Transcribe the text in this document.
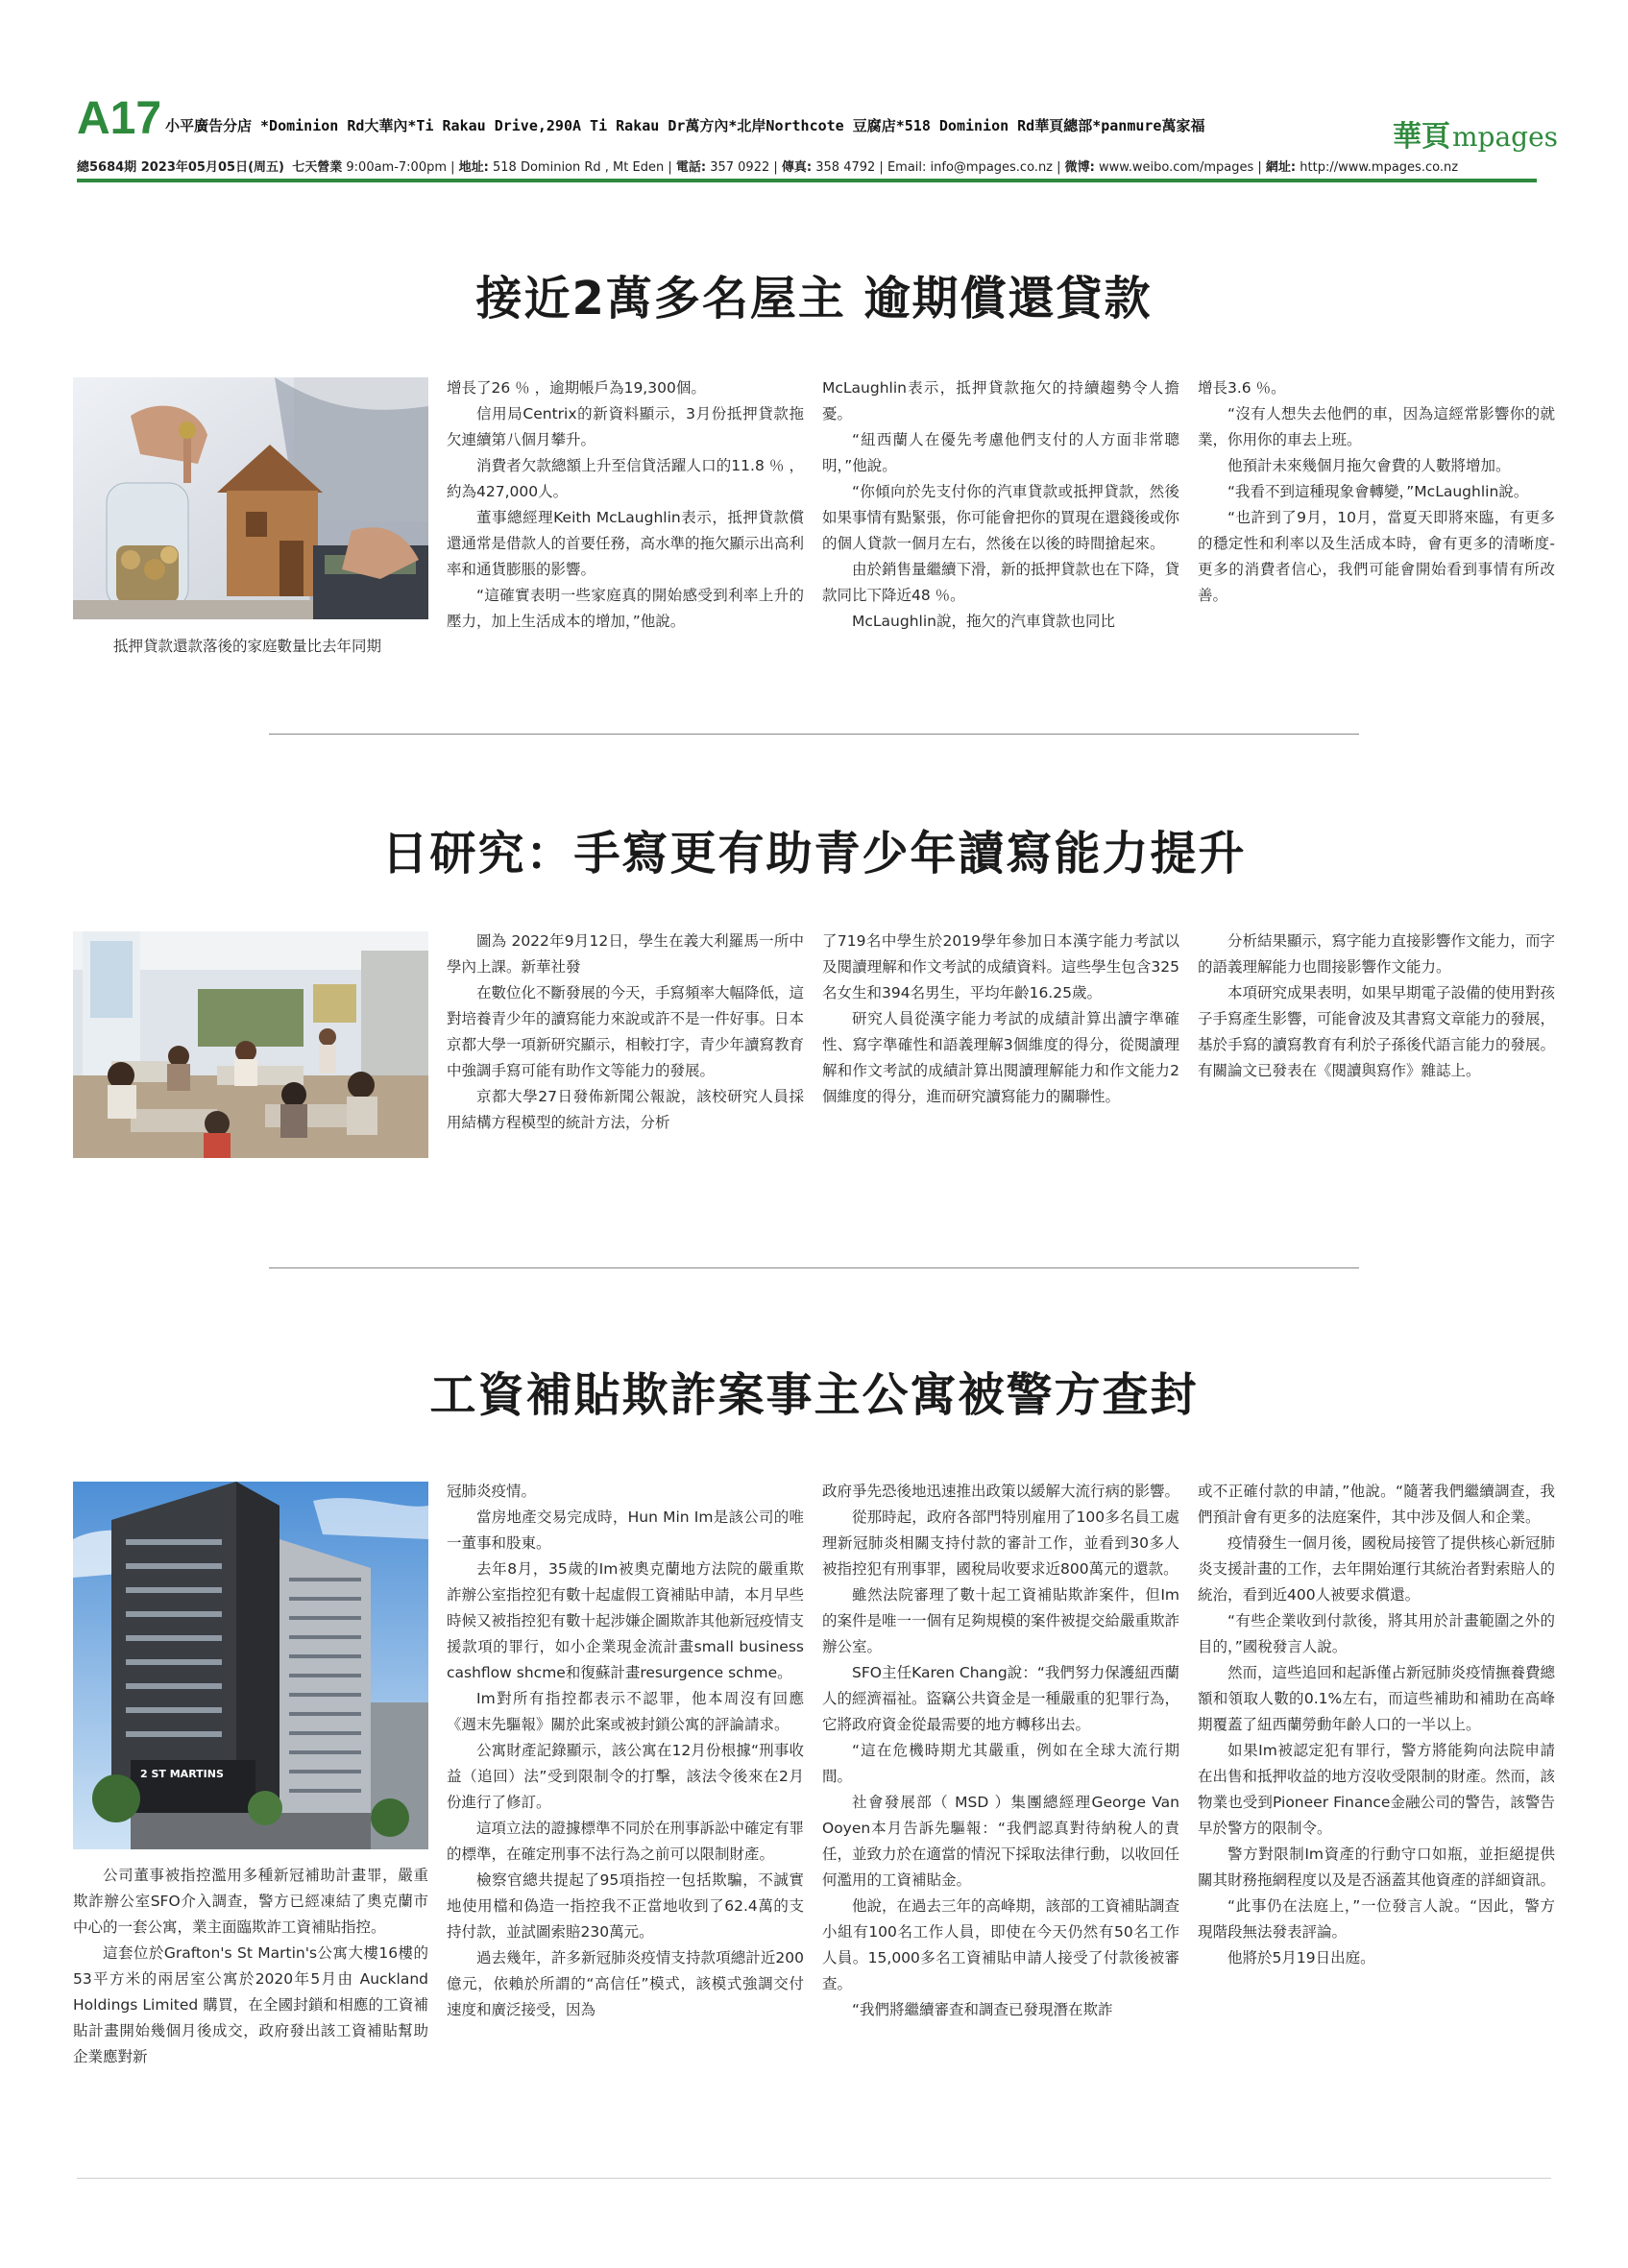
A17 小平廣告分店 *Dominion Rd大華內*Ti Rakau Drive,290A Ti Rakau Dr萬方內*北岸Northcote 豆腐店*518 Dominion Rd華頁總部*panmure萬家福
總5684期 2023年05月05日(周五) 七天營業 9:00am-7:00pm | 地址: 518 Dominion Rd , Mt Eden | 電話: 357 0922 | 傳真: 358 4792 | Email: info@mpages.co.nz | 微博: www.weibo.com/mpages | 網址: http://www.mpages.co.nz
華頁mpages
接近2萬多名屋主 逾期償還貸款
抵押貸款還款落後的家庭數量比去年同期

增長了26 ％ ，逾期帳戶為19,300個。

信用局Centrix的新資料顯示，3月份抵押貸款拖欠連續第八個月攀升。

消費者欠款總額上升至信貸活躍人口的11.8 ％ ，約為427,000人。

董事總經理Keith McLaughlin表示，抵押貸款償還通常是借款人的首要任務，高水準的拖欠顯示出高利率和通貨膨脹的影響。

“這確實表明一些家庭真的開始感受到利率上升的壓力，加上生活成本的增加，”他說。

McLaughlin表示，抵押貸款拖欠的持續趨勢令人擔憂。

“紐西蘭人在優先考慮他們支付的人方面非常聰明，”他說。

“你傾向於先支付你的汽車貸款或抵押貸款，然後如果事情有點緊張，你可能會把你的買現在還錢後或你的個人貸款一個月左右，然後在以後的時間搶起來。

由於銷售量繼續下滑，新的抵押貸款也在下降，貸款同比下降近48 ％。

McLaughlin說，拖欠的汽車貸款也同比

增長3.6 ％。

“沒有人想失去他們的車，因為這經常影響你的就業，你用你的車去上班。

他預計未來幾個月拖欠會費的人數將增加。

“我看不到這種現象會轉變，”McLaughlin說。

“也許到了9月，10月，當夏天即將來臨，有更多的穩定性和利率以及生活成本時，會有更多的清晰度-更多的消費者信心，我們可能會開始看到事情有所改善。

日研究：手寫更有助青少年讀寫能力提升

圖為 2022年9月12日，學生在義大利羅馬一所中學內上課。新華社發

在數位化不斷發展的今天，手寫頻率大幅降低，這對培養青少年的讀寫能力來說或許不是一件好事。日本京都大學一項新研究顯示，相較打字，青少年讀寫教育中強調手寫可能有助作文等能力的發展。

京都大學27日發佈新聞公報說，該校研究人員採用結構方程模型的統計方法，分析

了719名中學生於2019學年參加日本漢字能力考試以及閱讀理解和作文考試的成績資料。這些學生包含325名女生和394名男生，平均年齡16.25歲。

研究人員從漢字能力考試的成績計算出讀字準確性、寫字準確性和語義理解3個維度的得分，從閱讀理解和作文考試的成績計算出閱讀理解能力和作文能力2個維度的得分，進而研究讀寫能力的關聯性。

分析結果顯示，寫字能力直接影響作文能力，而字的語義理解能力也間接影響作文能力。

本項研究成果表明，如果早期電子設備的使用對孩子手寫產生影響，可能會波及其書寫文章能力的發展，基於手寫的讀寫教育有利於子孫後代語言能力的發展。有關論文已發表在《閱讀與寫作》雜誌上。

工資補貼欺詐案事主公寓被警方查封
2 ST MARTINS

公司董事被指控濫用多種新冠補助計畫罪，嚴重欺詐辦公室SFO介入調查，警方已經凍結了奧克蘭市中心的一套公寓，業主面臨欺詐工資補貼指控。

這套位於Grafton's St Martin's公寓大樓16樓的53平方米的兩居室公寓於2020年5月由 Auckland Holdings Limited 購買，在全國封鎖和相應的工資補貼計畫開始幾個月後成交，政府發出該工資補貼幫助企業應對新

冠肺炎疫情。

當房地產交易完成時，Hun Min Im是該公司的唯一董事和股東。

去年8月，35歲的Im被奧克蘭地方法院的嚴重欺詐辦公室指控犯有數十起虛假工資補貼申請，本月早些時候又被指控犯有數十起涉嫌企圖欺詐其他新冠疫情支援款項的罪行，如小企業現金流計畫small business cashflow shcme和復蘇計畫resurgence schme。

Im對所有指控都表示不認罪，他本周沒有回應《週末先驅報》關於此案或被封鎖公寓的評論請求。

公寓財產記錄顯示，該公寓在12月份根據“刑事收益（追回）法”受到限制令的打擊，該法令後來在2月份進行了修訂。

這項立法的證據標準不同於在刑事訴訟中確定有罪的標準，在確定刑事不法行為之前可以限制財產。

檢察官總共提起了95項指控一包括欺騙，不誠實地使用檔和偽造一指控我不正當地收到了62.4萬的支持付款，並試圖索賠230萬元。

過去幾年，許多新冠肺炎疫情支持款項總計近200億元，依賴於所謂的“高信任”模式，該模式強調交付速度和廣泛接受，因為

政府爭先恐後地迅速推出政策以緩解大流行病的影響。

從那時起，政府各部門特別雇用了100多名員工處理新冠肺炎相關支持付款的審計工作，並看到30多人被指控犯有刑事罪，國稅局收要求近800萬元的還款。

雖然法院審理了數十起工資補貼欺詐案件，但Im的案件是唯一一個有足夠規模的案件被提交給嚴重欺詐辦公室。

SFO主任Karen Chang說：“我們努力保護紐西蘭人的經濟福祉。盜竊公共資金是一種嚴重的犯罪行為，它將政府資金從最需要的地方轉移出去。

“這在危機時期尤其嚴重，例如在全球大流行期間。

社會發展部（ MSD ）集團總經理George Van Ooyen本月告訴先驅報：“我們認真對待納稅人的責任，並致力於在適當的情況下採取法律行動，以收回任何濫用的工資補貼金。

他說，在過去三年的高峰期，該部的工資補貼調查小組有100名工作人員，即使在今天仍然有50名工作人員。15,000多名工資補貼申請人接受了付款後被審查。

“我們將繼續審查和調查已發現潛在欺詐

或不正確付款的申請，”他說。“隨著我們繼續調查，我們預計會有更多的法庭案件，其中涉及個人和企業。

疫情發生一個月後，國稅局接管了提供核心新冠肺炎支援計畫的工作，去年開始運行其統治者對索賠人的統治，看到近400人被要求償還。

“有些企業收到付款後，將其用於計畫範圍之外的目的，”國稅發言人說。

然而，這些追回和起訴僅占新冠肺炎疫情撫養費總額和領取人數的0.1%左右，而這些補助和補助在高峰期覆蓋了紐西蘭勞動年齡人口的一半以上。

如果Im被認定犯有罪行，警方將能夠向法院申請在出售和抵押收益的地方沒收受限制的財產。然而，該物業也受到Pioneer Finance金融公司的警告，該警告早於警方的限制令。

警方對限制Im資產的行動守口如瓶，並拒絕提供關其財務拖網程度以及是否涵蓋其他資產的詳細資訊。

“此事仍在法庭上，”一位發言人說。“因此，警方現階段無法發表評論。

他將於5月19日出庭。
